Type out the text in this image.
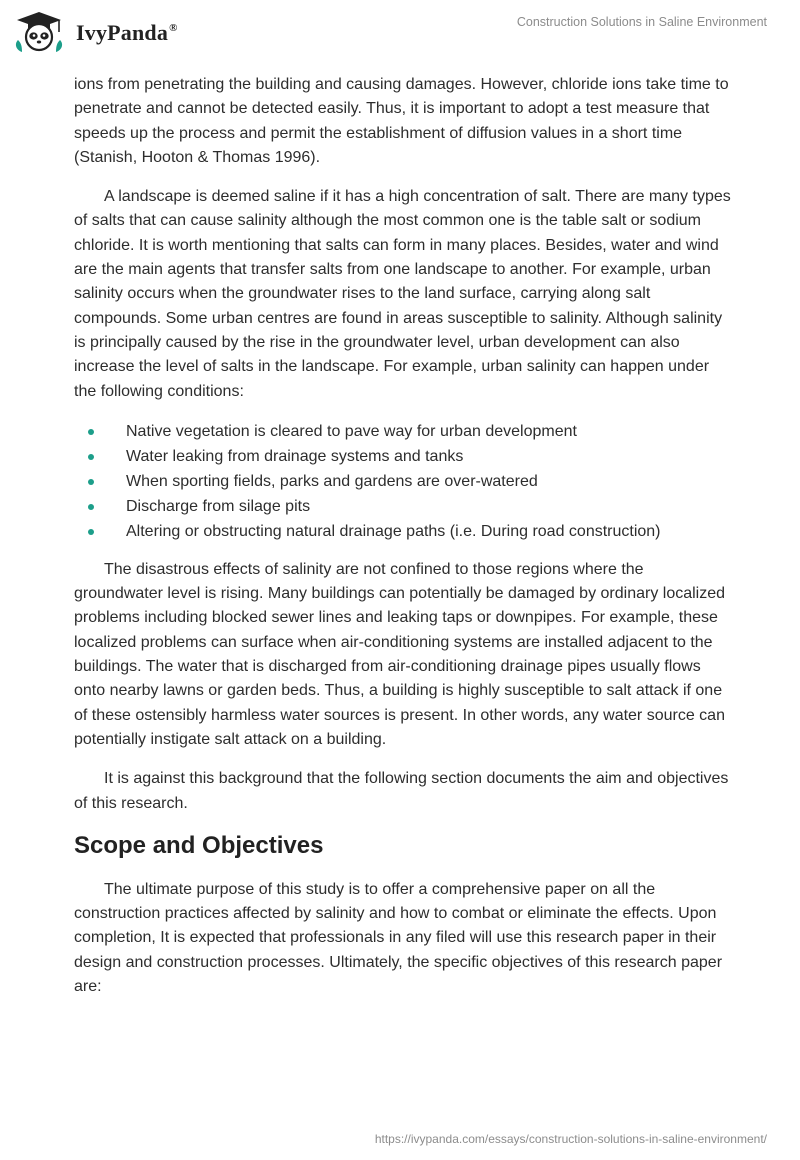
IvyPanda®	Construction Solutions in Saline Environment

ions from penetrating the building and causing damages. However, chloride ions take time to penetrate and cannot be detected easily. Thus, it is important to adopt a test measure that speeds up the process and permit the establishment of diffusion values in a short time (Stanish, Hooton & Thomas 1996).

A landscape is deemed saline if it has a high concentration of salt. There are many types of salts that can cause salinity although the most common one is the table salt or sodium chloride. It is worth mentioning that salts can form in many places. Besides, water and wind are the main agents that transfer salts from one landscape to another. For example, urban salinity occurs when the groundwater rises to the land surface, carrying along salt compounds. Some urban centres are found in areas susceptible to salinity. Although salinity is principally caused by the rise in the groundwater level, urban development can also increase the level of salts in the landscape. For example, urban salinity can happen under the following conditions:

Native vegetation is cleared to pave way for urban development
Water leaking from drainage systems and tanks
When sporting fields, parks and gardens are over-watered
Discharge from silage pits
Altering or obstructing natural drainage paths (i.e. During road construction)

The disastrous effects of salinity are not confined to those regions where the groundwater level is rising. Many buildings can potentially be damaged by ordinary localized problems including blocked sewer lines and leaking taps or downpipes. For example, these localized problems can surface when air-conditioning systems are installed adjacent to the buildings. The water that is discharged from air-conditioning drainage pipes usually flows onto nearby lawns or garden beds. Thus, a building is highly susceptible to salt attack if one of these ostensibly harmless water sources is present. In other words, any water source can potentially instigate salt attack on a building.

It is against this background that the following section documents the aim and objectives of this research.

Scope and Objectives

The ultimate purpose of this study is to offer a comprehensive paper on all the construction practices affected by salinity and how to combat or eliminate the effects. Upon completion, It is expected that professionals in any filed will use this research paper in their design and construction processes. Ultimately, the specific objectives of this research paper are:

https://ivypanda.com/essays/construction-solutions-in-saline-environment/
